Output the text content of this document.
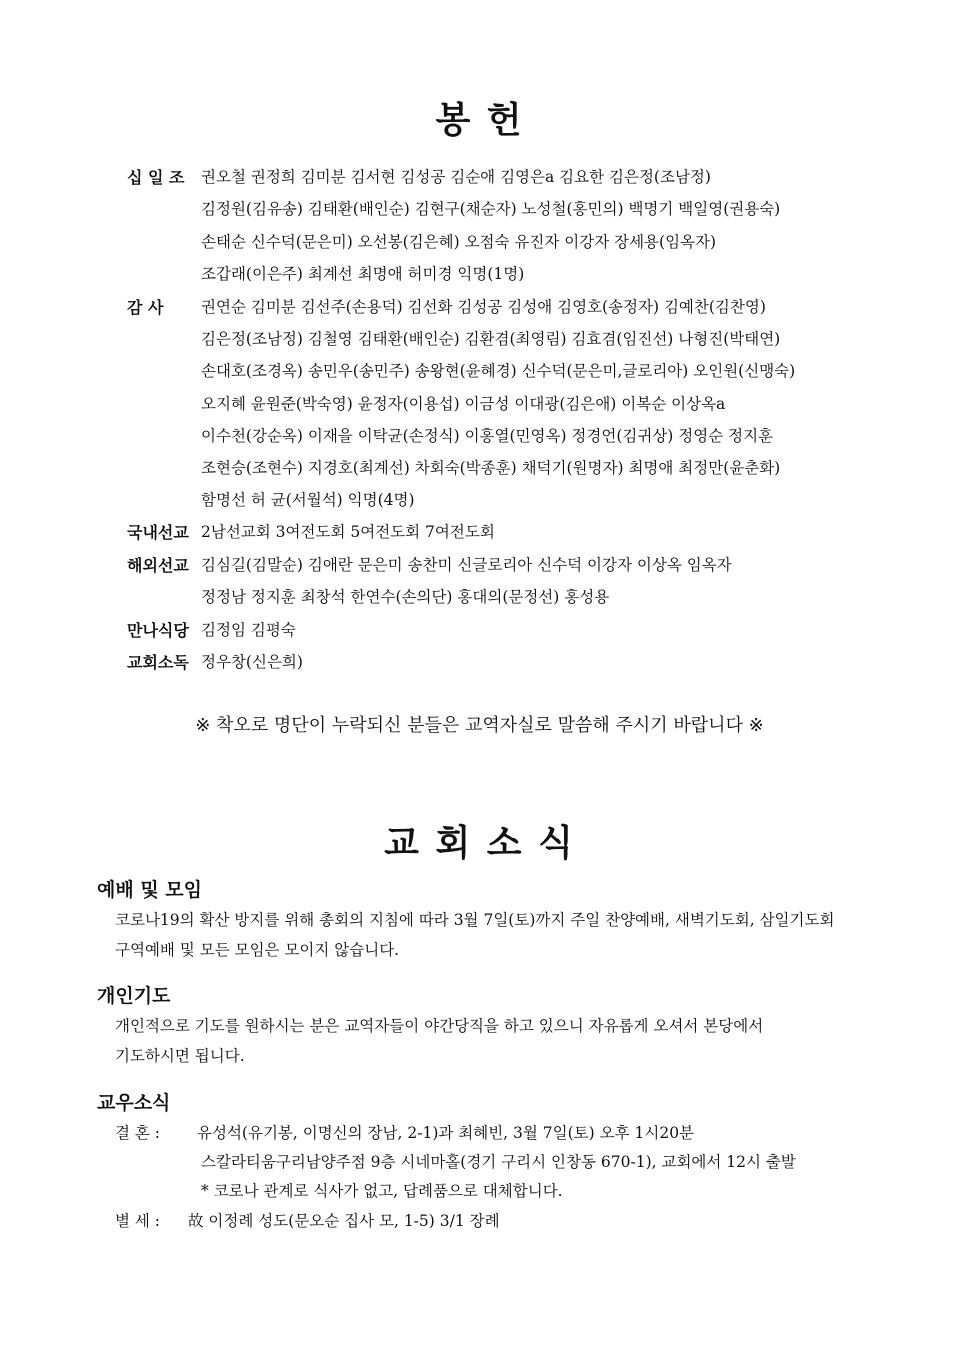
봉 헌
십 일 조 권오철 권정희 김미분 김서현 김성공 김순애 김영은a 김요한 김은정(조남정)
김정원(김유송) 김태환(배인순) 김현구(채순자) 노성철(홍민의) 백명기 백일영(권용숙)
손태순 신수덕(문은미) 오선봉(김은혜) 오점숙 유진자 이강자 장세용(임옥자)
조갑래(이은주) 최계선 최명애 허미경 익명(1명)
감 사 권연순 김미분 김선주(손용덕) 김선화 김성공 김성애 김영호(송정자) 김예찬(김찬영)
김은정(조남정) 김철영 김태환(배인순) 김환겸(최영림) 김효겸(임진선) 나형진(박태연)
손대호(조경옥) 송민우(송민주) 송왕현(윤혜경) 신수덕(문은미,글로리아) 오인원(신맹숙)
오지혜 윤원준(박숙영) 윤정자(이용섭) 이금성 이대광(김은애) 이복순 이상옥a
이수천(강순옥) 이재을 이탁균(손정식) 이홍열(민영옥) 정경언(김귀상) 정영순 정지훈
조현승(조현수) 지경호(최계선) 차회숙(박종훈) 채덕기(원명자) 최명애 최정만(윤춘화)
함명선 허 균(서월석) 익명(4명)
국내선교 2남선교회 3여전도회 5여전도회 7여전도회
해외선교 김심길(김말순) 김애란 문은미 송찬미 신글로리아 신수덕 이강자 이상옥 임옥자
정정남 정지훈 최창석 한연수(손의단) 홍대의(문정선) 홍성용
만나식당 김정임 김평숙
교회소독 정우창(신은희)
※ 착오로 명단이 누락되신 분들은 교역자실로 말씀해 주시기 바랍니다 ※
교 회 소 식
예배 및 모임
코로나19의 확산 방지를 위해 총회의 지침에 따라 3월 7일(토)까지 주일 찬양예배, 새벽기도회, 삼일기도회
구역예배 및 모든 모임은 모이지 않습니다.
개인기도
개인적으로 기도를 원하시는 분은 교역자들이 야간당직을 하고 있으니 자유롭게 오셔서 본당에서
기도하시면 됩니다.
교우소식
결 혼 : 유성석(유기봉, 이명신의 장남, 2-1)과 최혜빈, 3월 7일(토) 오후 1시20분
스칼라티움구리남양주점 9층 시네마홀(경기 구리시 인창동 670-1), 교회에서 12시 출발
* 코로나 관계로 식사가 없고, 답례품으로 대체합니다.
별 세 : 故 이정례 성도(문오순 집사 모, 1-5) 3/1 장례
